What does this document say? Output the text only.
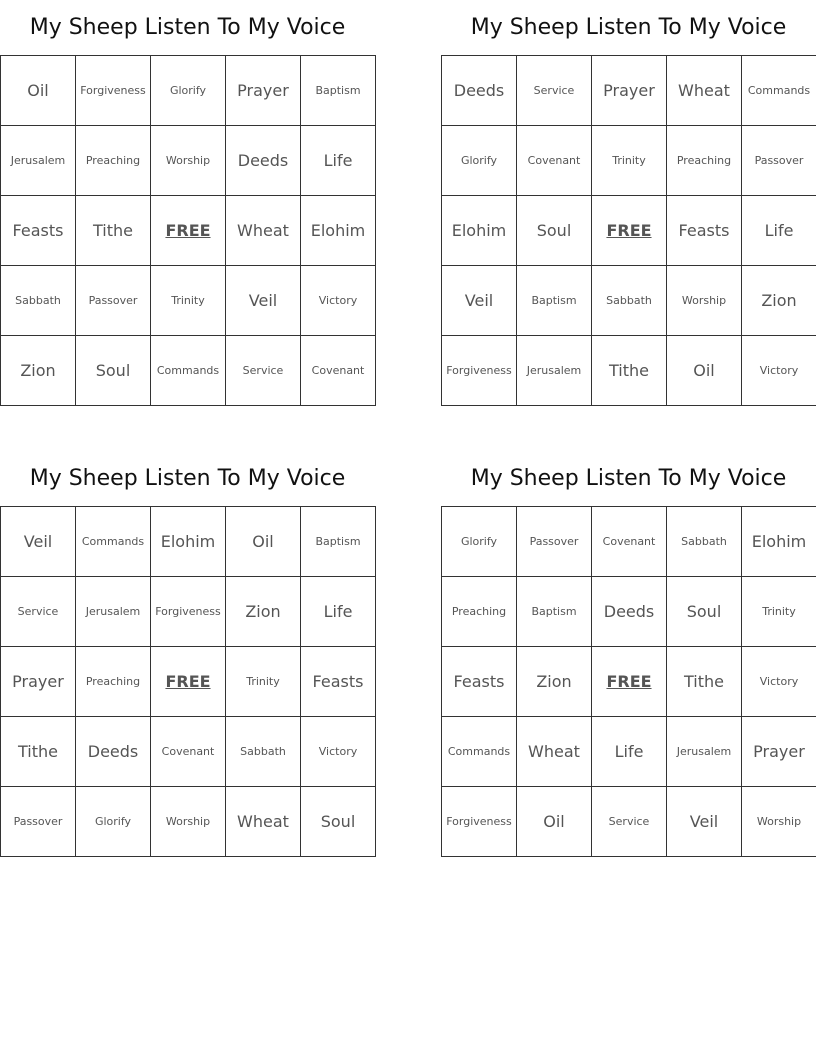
My Sheep Listen To My Voice
Oil	Forgiveness	Glorify	Prayer	Baptism
Jerusalem	Preaching	Worship	Deeds	Life
Feasts	Tithe	FREE	Wheat	Elohim
Sabbath	Passover	Trinity	Veil	Victory
Zion	Soul	Commands	Service	Covenant
My Sheep Listen To My Voice
Deeds	Service	Prayer	Wheat	Commands
Glorify	Covenant	Trinity	Preaching	Passover
Elohim	Soul	FREE	Feasts	Life
Veil	Baptism	Sabbath	Worship	Zion
Forgiveness	Jerusalem	Tithe	Oil	Victory
My Sheep Listen To My Voice
Veil	Commands	Elohim	Oil	Baptism
Service	Jerusalem	Forgiveness	Zion	Life
Prayer	Preaching	FREE	Trinity	Feasts
Tithe	Deeds	Covenant	Sabbath	Victory
Passover	Glorify	Worship	Wheat	Soul
My Sheep Listen To My Voice
Glorify	Passover	Covenant	Sabbath	Elohim
Preaching	Baptism	Deeds	Soul	Trinity
Feasts	Zion	FREE	Tithe	Victory
Commands	Wheat	Life	Jerusalem	Prayer
Forgiveness	Oil	Service	Veil	Worship
